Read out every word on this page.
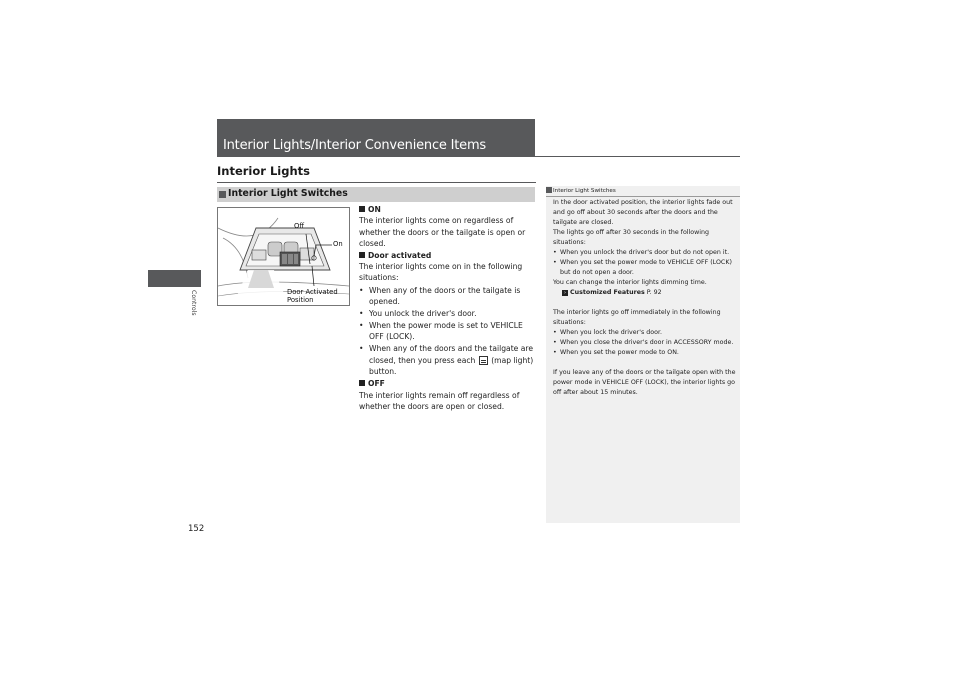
Interior Lights/Interior Convenience Items
Interior Lights
Controls
Interior Light Switches
Off
On
Door Activated
Position

ON

The interior lights come on regardless of whether the doors or the tailgate is open or closed.

Door activated

The interior lights come on in the following situations:

• When any of the doors or the tailgate is opened.
• You unlock the driver's door.
• When the power mode is set to VEHICLE OFF (LOCK).
• When any of the doors and the tailgate are closed, then you press each (map light) button.

OFF

The interior lights remain off regardless of whether the doors are open or closed.

Interior Light Switches

In the door activated position, the interior lights fade out and go off about 30 seconds after the doors and the tailgate are closed.

The lights go off after 30 seconds in the following situations:

• When you unlock the driver's door but do not open it.
• When you set the power mode to VEHICLE OFF (LOCK) but do not open a door.

You can change the interior lights dimming time.

› Customized Features P. 92

The interior lights go off immediately in the following situations:

• When you lock the driver's door.
• When you close the driver's door in ACCESSORY mode.
• When you set the power mode to ON.

If you leave any of the doors or the tailgate open with the power mode in VEHICLE OFF (LOCK), the interior lights go off after about 15 minutes.

152
